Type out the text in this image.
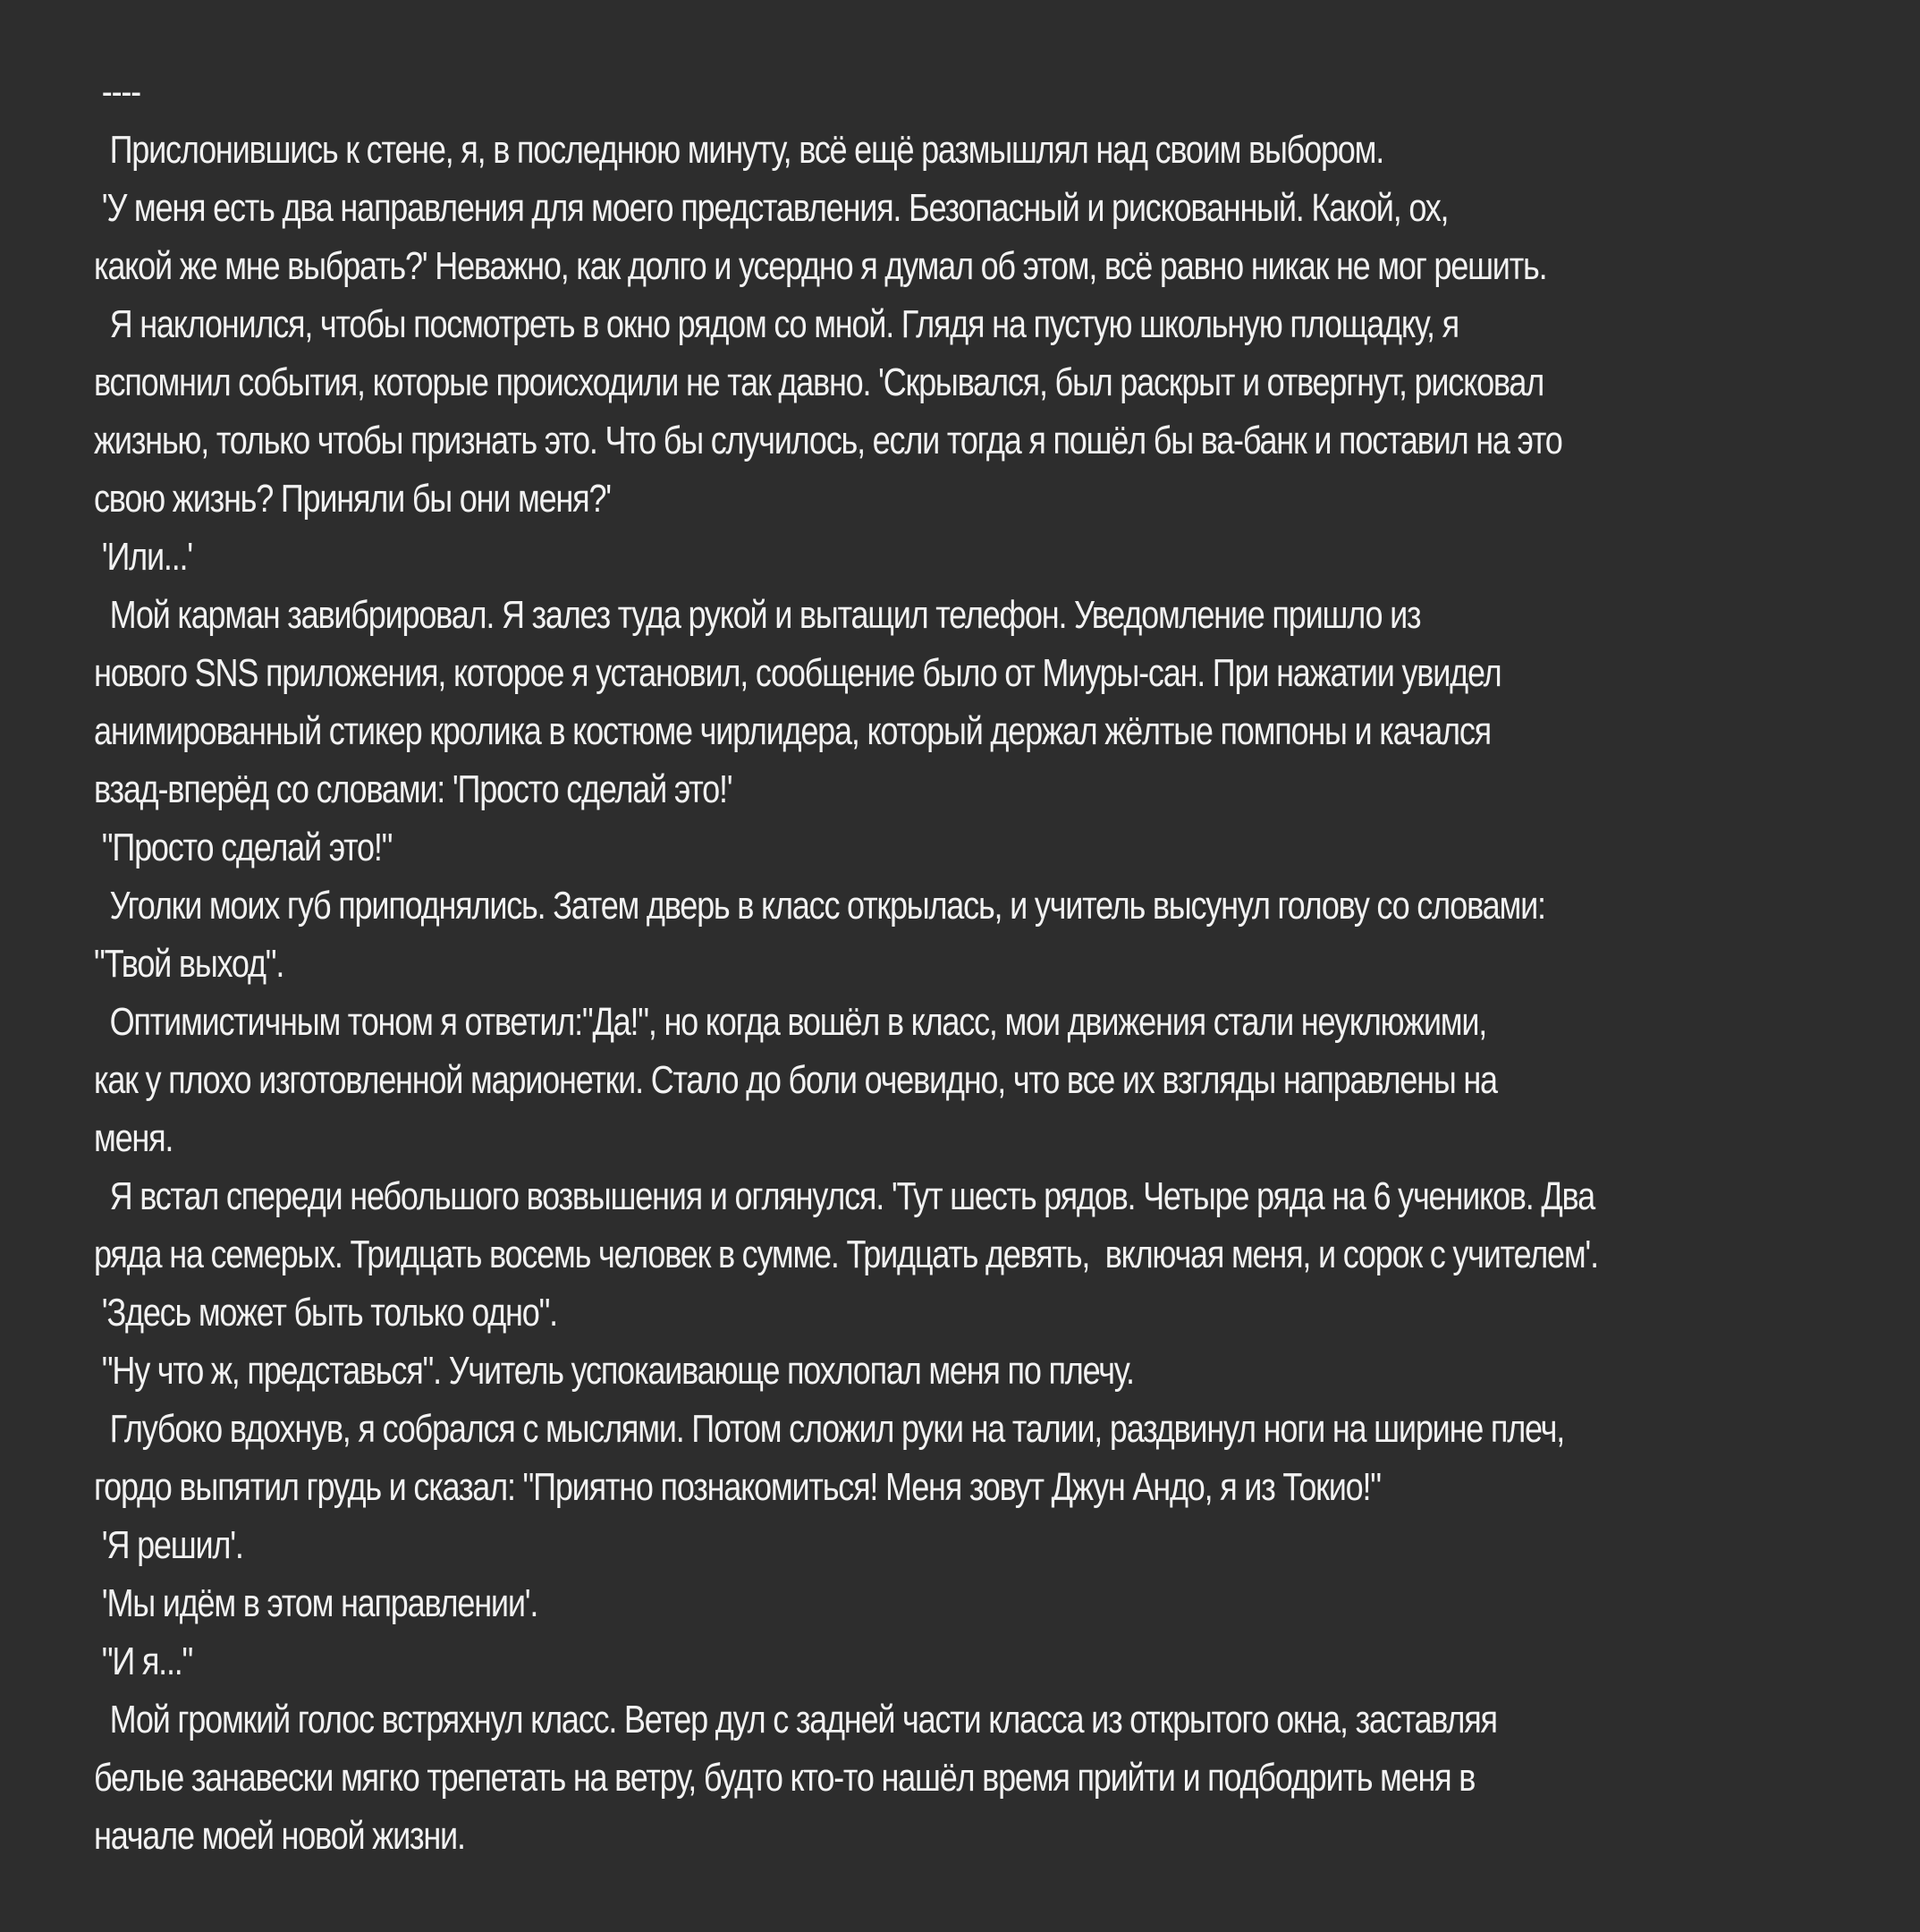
----
Прислонившись к стене, я, в последнюю минуту, всё ещё размышлял над своим выбором.
'У меня есть два направления для моего представления. Безопасный и рискованный. Какой, ох,
какой же мне выбрать?' Неважно, как долго и усердно я думал об этом, всё равно никак не мог решить.
Я наклонился, чтобы посмотреть в окно рядом со мной. Глядя на пустую школьную площадку, я
вспомнил события, которые происходили не так давно. 'Скрывался, был раскрыт и отвергнут, рисковал
жизнью, только чтобы признать это. Что бы случилось, если тогда я пошёл бы ва-банк и поставил на это
свою жизнь? Приняли бы они меня?'
'Или...'
Мой карман завибрировал. Я залез туда рукой и вытащил телефон. Уведомление пришло из
нового SNS приложения, которое я установил, сообщение было от Миуры-сан. При нажатии увидел
анимированный стикер кролика в костюме чирлидера, который держал жёлтые помпоны и качался
взад-вперёд со словами: 'Просто сделай это!'
"Просто сделай это!"
Уголки моих губ приподнялись. Затем дверь в класс открылась, и учитель высунул голову со словами:
"Твой выход".
Оптимистичным тоном я ответил:"Да!", но когда вошёл в класс, мои движения стали неуклюжими,
как у плохо изготовленной марионетки. Стало до боли очевидно, что все их взгляды направлены на
меня.
Я встал спереди небольшого возвышения и оглянулся. 'Тут шесть рядов. Четыре ряда на 6 учеников. Два
ряда на семерых. Тридцать восемь человек в сумме. Тридцать девять,  включая меня, и сорок с учителем'.
'Здесь может быть только одно".
"Ну что ж, представься". Учитель успокаивающе похлопал меня по плечу.
Глубоко вдохнув, я собрался с мыслями. Потом сложил руки на талии, раздвинул ноги на ширине плеч,
гордо выпятил грудь и сказал: "Приятно познакомиться! Меня зовут Джун Андо, я из Токио!"
'Я решил'.
'Мы идём в этом направлении'.
"И я..."
Мой громкий голос встряхнул класс. Ветер дул с задней части класса из открытого окна, заставляя
белые занавески мягко трепетать на ветру, будто кто-то нашёл время прийти и подбодрить меня в
начале моей новой жизни.
